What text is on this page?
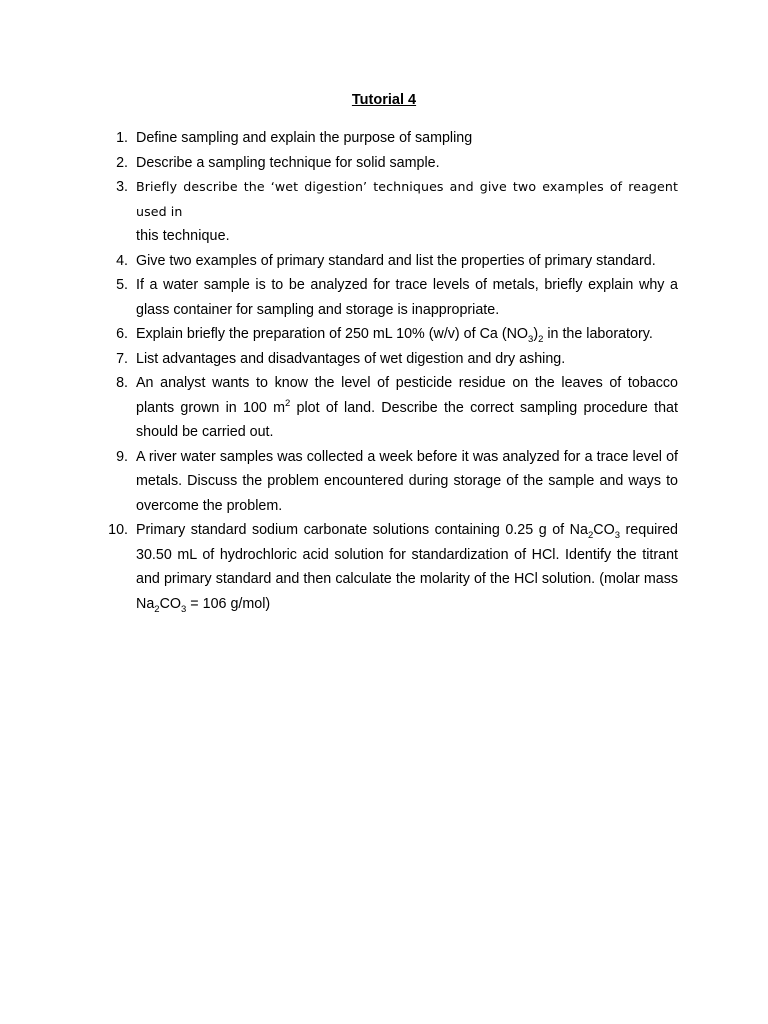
Tutorial 4
1. Define sampling and explain the purpose of sampling
2. Describe a sampling technique for solid sample.
3. Briefly describe the ‘wet digestion’ techniques and give two examples of reagent used in
this technique.
4. Give two examples of primary standard and list the properties of primary standard.
5. If a water sample is to be analyzed for trace levels of metals, briefly explain why a glass container for sampling and storage is inappropriate.
6. Explain briefly the preparation of 250 mL 10% (w/v) of Ca $(NO_3)_2$ in the laboratory.
7. List advantages and disadvantages of wet digestion and dry ashing.
8. An analyst wants to know the level of pesticide residue on the leaves of tobacco plants grown in 100 $m^2$ plot of land. Describe the correct sampling procedure that should be carried out.
9. A river water samples was collected a week before it was analyzed for a trace level of metals. Discuss the problem encountered during storage of the sample and ways to overcome the problem.
10. Primary standard sodium carbonate solutions containing 0.25 g of $Na_2CO_3$ required 30.50 mL of hydrochloric acid solution for standardization of HCl. Identify the titrant and primary standard and then calculate the molarity of the HCl solution. (molar mass $Na_2CO_3 = 106$ g/mol)
